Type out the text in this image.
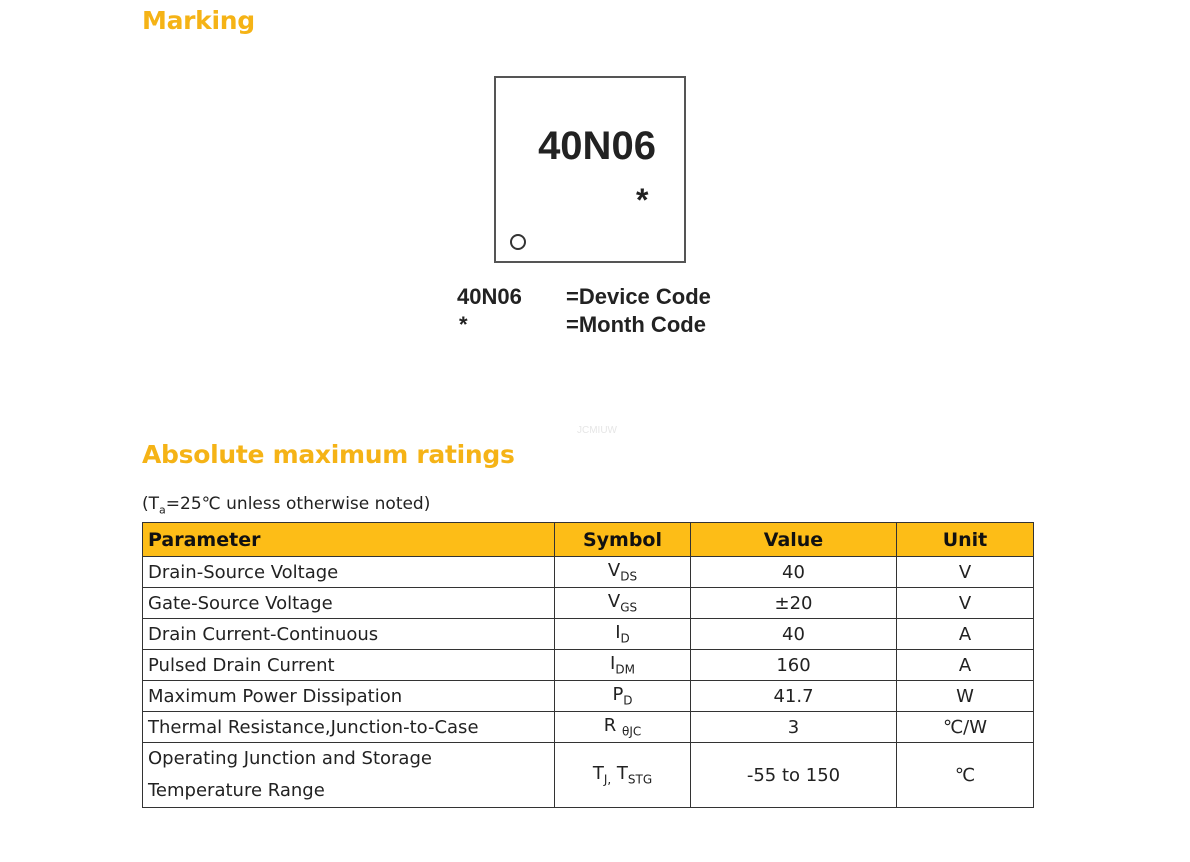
Marking
40N06
*
40N06 =Device Code
*	=Month Code
JCMIUW
Absolute maximum ratings
($T_a=25℃$ unless otherwise noted)
Parameter	Symbol	Value	Unit
Drain-Source Voltage	$V_{DS}$	40	V
Gate-Source Voltage	$V_{GS}$	±20	V
Drain Current-Continuous	$I_D$	40	A
Pulsed Drain Current	$I_{DM}$	160	A
Maximum Power Dissipation	$P_D$	41.7	W
Thermal Resistance,Junction-to-Case	R $_{\theta JC}$	3	℃/W
Operating Junction and Storage
Temperature Range	$T_{J,}$ $T_{STG}$	-55 to 150	℃
